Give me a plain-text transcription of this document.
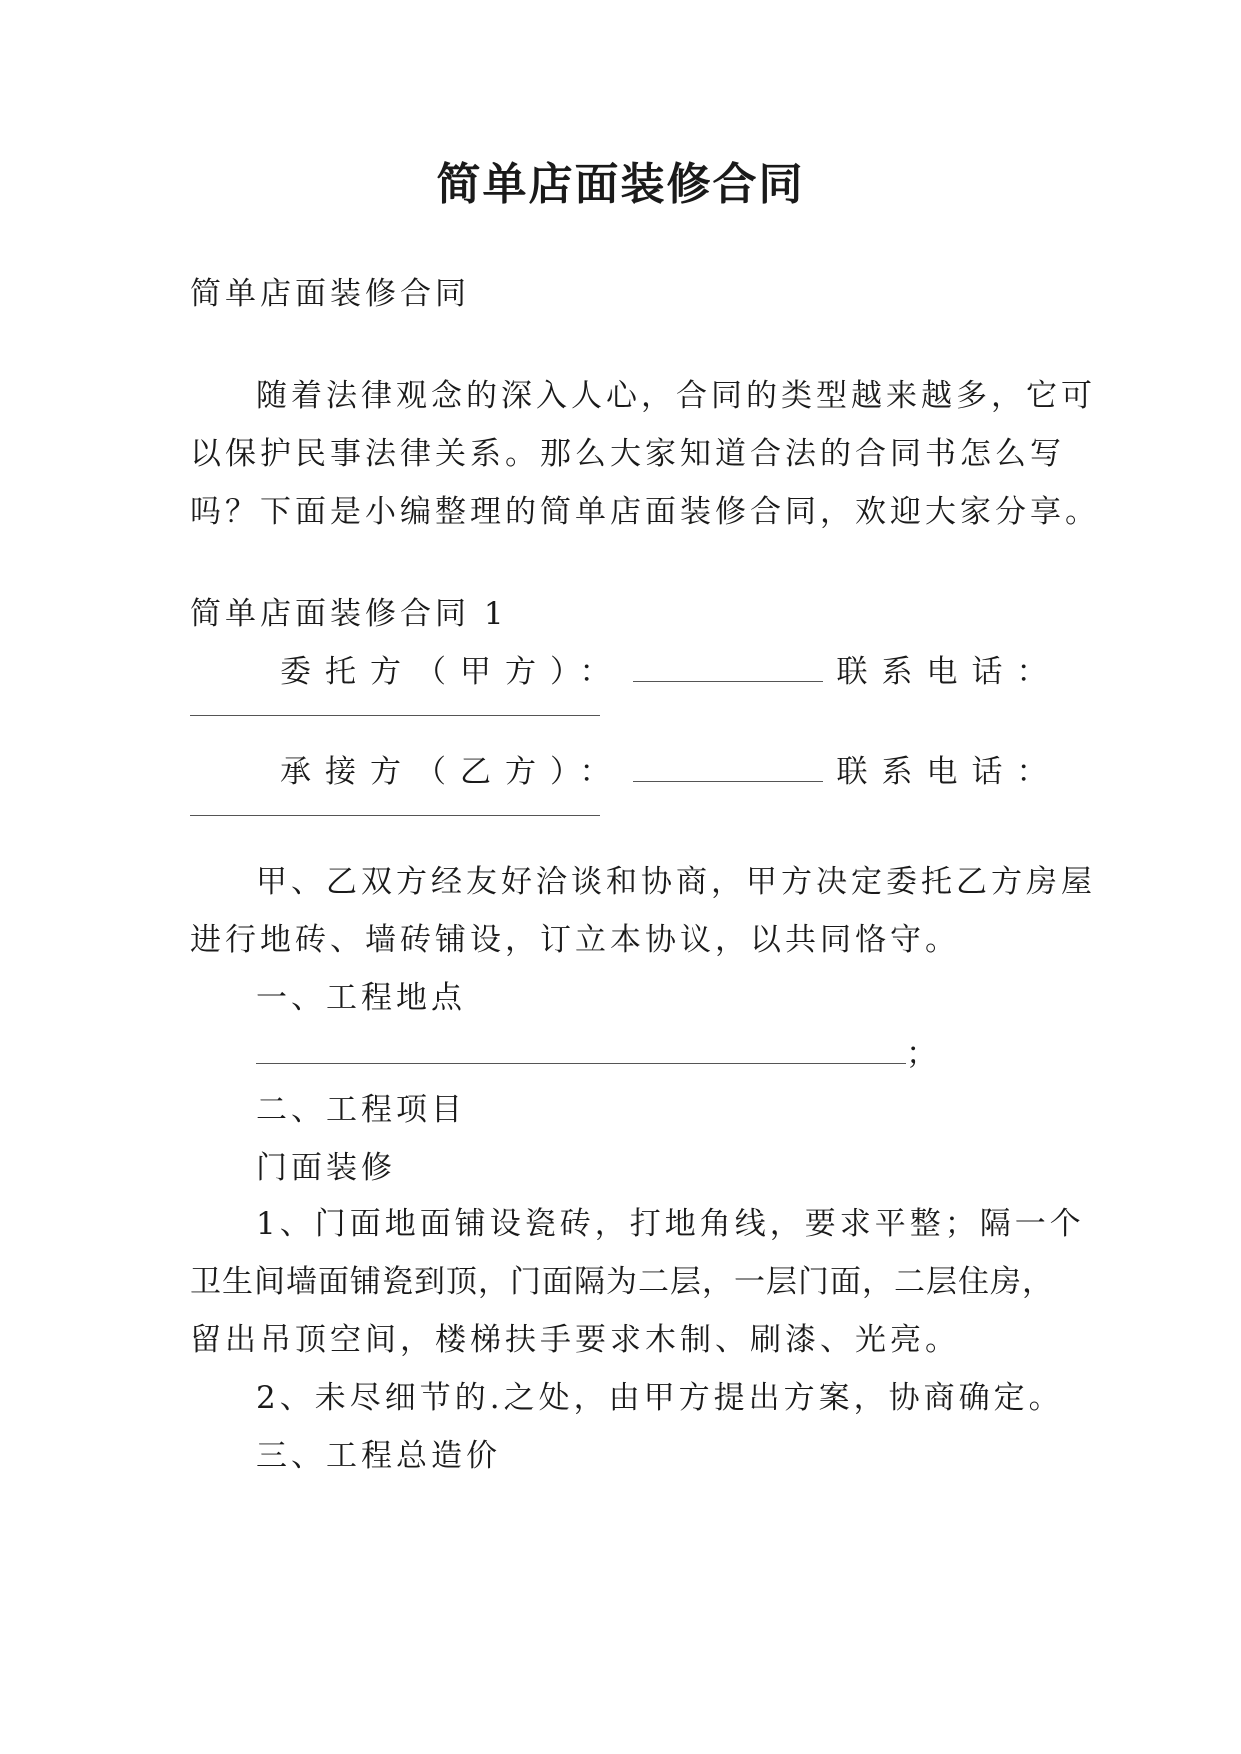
简单店面装修合同
简单店面装修合同
随着法律观念的深入人心，合同的类型越来越多，它可
以保护民事法律关系。那么大家知道合法的合同书怎么写
吗？下面是小编整理的简单店面装修合同，欢迎大家分享。
简单店面装修合同 1
委托方（甲方）：	联系电话：
承接方（乙方）：	联系电话：
甲、乙双方经友好洽谈和协商，甲方决定委托乙方房屋
进行地砖、墙砖铺设，订立本协议，以共同恪守。
一、工程地点
；
二、工程项目
门面装修
1、门面地面铺设瓷砖，打地角线，要求平整；隔一个
卫生间墙面铺瓷到顶，门面隔为二层，一层门面，二层住房，
留出吊顶空间，楼梯扶手要求木制、刷漆、光亮。
2、未尽细节的.之处，由甲方提出方案，协商确定。
三、工程总造价
